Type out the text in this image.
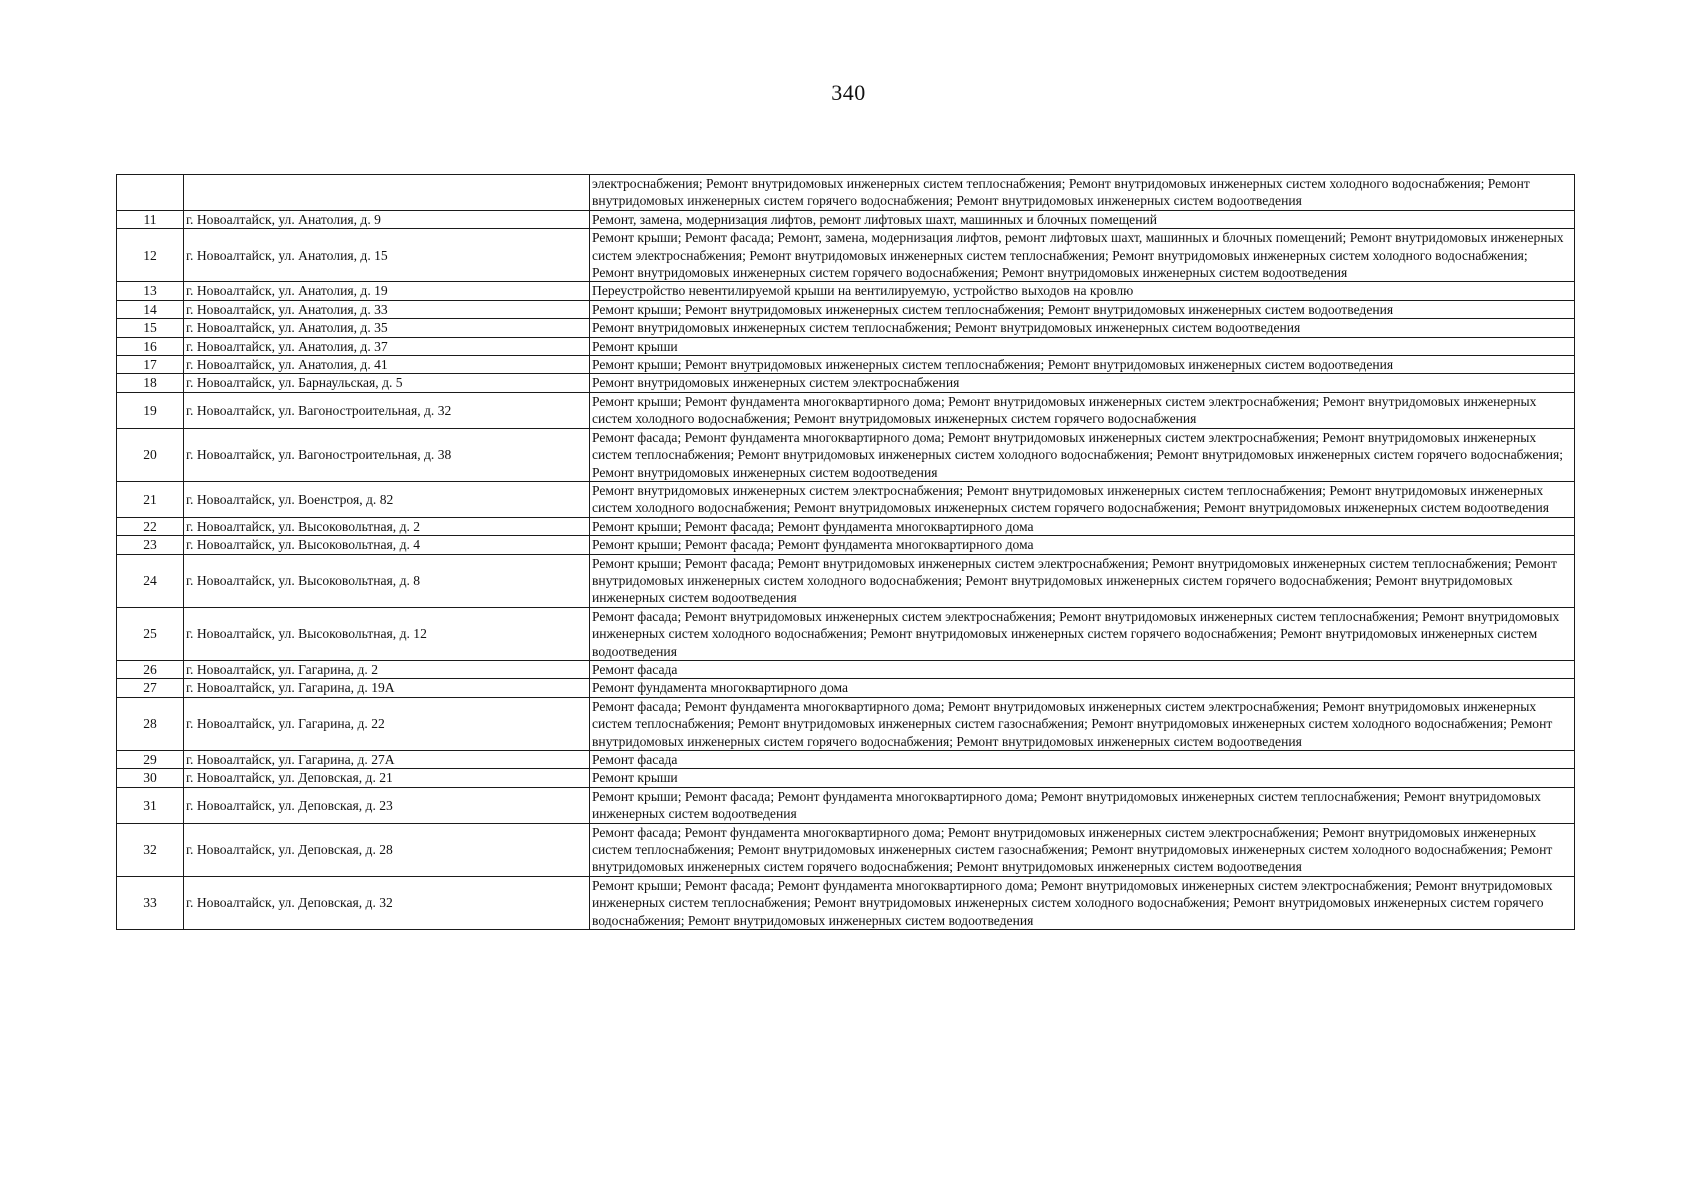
340
		электроснабжения; Ремонт внутридомовых инженерных систем теплоснабжения; Ремонт внутридомовых инженерных систем холодного водоснабжения; Ремонт внутридомовых инженерных систем горячего водоснабжения; Ремонт внутридомовых инженерных систем водоотведения
11	г. Новоалтайск, ул. Анатолия, д. 9	Ремонт, замена, модернизация лифтов, ремонт лифтовых шахт, машинных и блочных помещений
12	г. Новоалтайск, ул. Анатолия, д. 15	Ремонт крыши; Ремонт фасада; Ремонт, замена, модернизация лифтов, ремонт лифтовых шахт, машинных и блочных помещений; Ремонт внутридомовых инженерных систем электроснабжения; Ремонт внутридомовых инженерных систем теплоснабжения; Ремонт внутридомовых инженерных систем холодного водоснабжения; Ремонт внутридомовых инженерных систем горячего водоснабжения; Ремонт внутридомовых инженерных систем водоотведения
13	г. Новоалтайск, ул. Анатолия, д. 19	Переустройство невентилируемой крыши на вентилируемую, устройство выходов на кровлю
14	г. Новоалтайск, ул. Анатолия, д. 33	Ремонт крыши; Ремонт внутридомовых инженерных систем теплоснабжения; Ремонт внутридомовых инженерных систем водоотведения
15	г. Новоалтайск, ул. Анатолия, д. 35	Ремонт внутридомовых инженерных систем теплоснабжения; Ремонт внутридомовых инженерных систем водоотведения
16	г. Новоалтайск, ул. Анатолия, д. 37	Ремонт крыши
17	г. Новоалтайск, ул. Анатолия, д. 41	Ремонт крыши; Ремонт внутридомовых инженерных систем теплоснабжения; Ремонт внутридомовых инженерных систем водоотведения
18	г. Новоалтайск, ул. Барнаульская, д. 5	Ремонт внутридомовых инженерных систем электроснабжения
19	г. Новоалтайск, ул. Вагоностроительная, д. 32	Ремонт крыши; Ремонт фундамента многоквартирного дома; Ремонт внутридомовых инженерных систем электроснабжения; Ремонт внутридомовых инженерных систем холодного водоснабжения; Ремонт внутридомовых инженерных систем горячего водоснабжения
20	г. Новоалтайск, ул. Вагоностроительная, д. 38	Ремонт фасада; Ремонт фундамента многоквартирного дома; Ремонт внутридомовых инженерных систем электроснабжения; Ремонт внутридомовых инженерных систем теплоснабжения; Ремонт внутридомовых инженерных систем холодного водоснабжения; Ремонт внутридомовых инженерных систем горячего водоснабжения; Ремонт внутридомовых инженерных систем водоотведения
21	г. Новоалтайск, ул. Военстроя, д. 82	Ремонт внутридомовых инженерных систем электроснабжения; Ремонт внутридомовых инженерных систем теплоснабжения; Ремонт внутридомовых инженерных систем холодного водоснабжения; Ремонт внутридомовых инженерных систем горячего водоснабжения; Ремонт внутридомовых инженерных систем водоотведения
22	г. Новоалтайск, ул. Высоковольтная, д. 2	Ремонт крыши; Ремонт фасада; Ремонт фундамента многоквартирного дома
23	г. Новоалтайск, ул. Высоковольтная, д. 4	Ремонт крыши; Ремонт фасада; Ремонт фундамента многоквартирного дома
24	г. Новоалтайск, ул. Высоковольтная, д. 8	Ремонт крыши; Ремонт фасада; Ремонт внутридомовых инженерных систем электроснабжения; Ремонт внутридомовых инженерных систем теплоснабжения; Ремонт внутридомовых инженерных систем холодного водоснабжения; Ремонт внутридомовых инженерных систем горячего водоснабжения; Ремонт внутридомовых инженерных систем водоотведения
25	г. Новоалтайск, ул. Высоковольтная, д. 12	Ремонт фасада; Ремонт внутридомовых инженерных систем электроснабжения; Ремонт внутридомовых инженерных систем теплоснабжения; Ремонт внутридомовых инженерных систем холодного водоснабжения; Ремонт внутридомовых инженерных систем горячего водоснабжения; Ремонт внутридомовых инженерных систем водоотведения
26	г. Новоалтайск, ул. Гагарина, д. 2	Ремонт фасада
27	г. Новоалтайск, ул. Гагарина, д. 19А	Ремонт фундамента многоквартирного дома
28	г. Новоалтайск, ул. Гагарина, д. 22	Ремонт фасада; Ремонт фундамента многоквартирного дома; Ремонт внутридомовых инженерных систем электроснабжения; Ремонт внутридомовых инженерных систем теплоснабжения; Ремонт внутридомовых инженерных систем газоснабжения; Ремонт внутридомовых инженерных систем холодного водоснабжения; Ремонт внутридомовых инженерных систем горячего водоснабжения; Ремонт внутридомовых инженерных систем водоотведения
29	г. Новоалтайск, ул. Гагарина, д. 27А	Ремонт фасада
30	г. Новоалтайск, ул. Деповская, д. 21	Ремонт крыши
31	г. Новоалтайск, ул. Деповская, д. 23	Ремонт крыши; Ремонт фасада; Ремонт фундамента многоквартирного дома; Ремонт внутридомовых инженерных систем теплоснабжения; Ремонт внутридомовых инженерных систем водоотведения
32	г. Новоалтайск, ул. Деповская, д. 28	Ремонт фасада; Ремонт фундамента многоквартирного дома; Ремонт внутридомовых инженерных систем электроснабжения; Ремонт внутридомовых инженерных систем теплоснабжения; Ремонт внутридомовых инженерных систем газоснабжения; Ремонт внутридомовых инженерных систем холодного водоснабжения; Ремонт внутридомовых инженерных систем горячего водоснабжения; Ремонт внутридомовых инженерных систем водоотведения
33	г. Новоалтайск, ул. Деповская, д. 32	Ремонт крыши; Ремонт фасада; Ремонт фундамента многоквартирного дома; Ремонт внутридомовых инженерных систем электроснабжения; Ремонт внутридомовых инженерных систем теплоснабжения; Ремонт внутридомовых инженерных систем холодного водоснабжения; Ремонт внутридомовых инженерных систем горячего водоснабжения; Ремонт внутридомовых инженерных систем водоотведения
